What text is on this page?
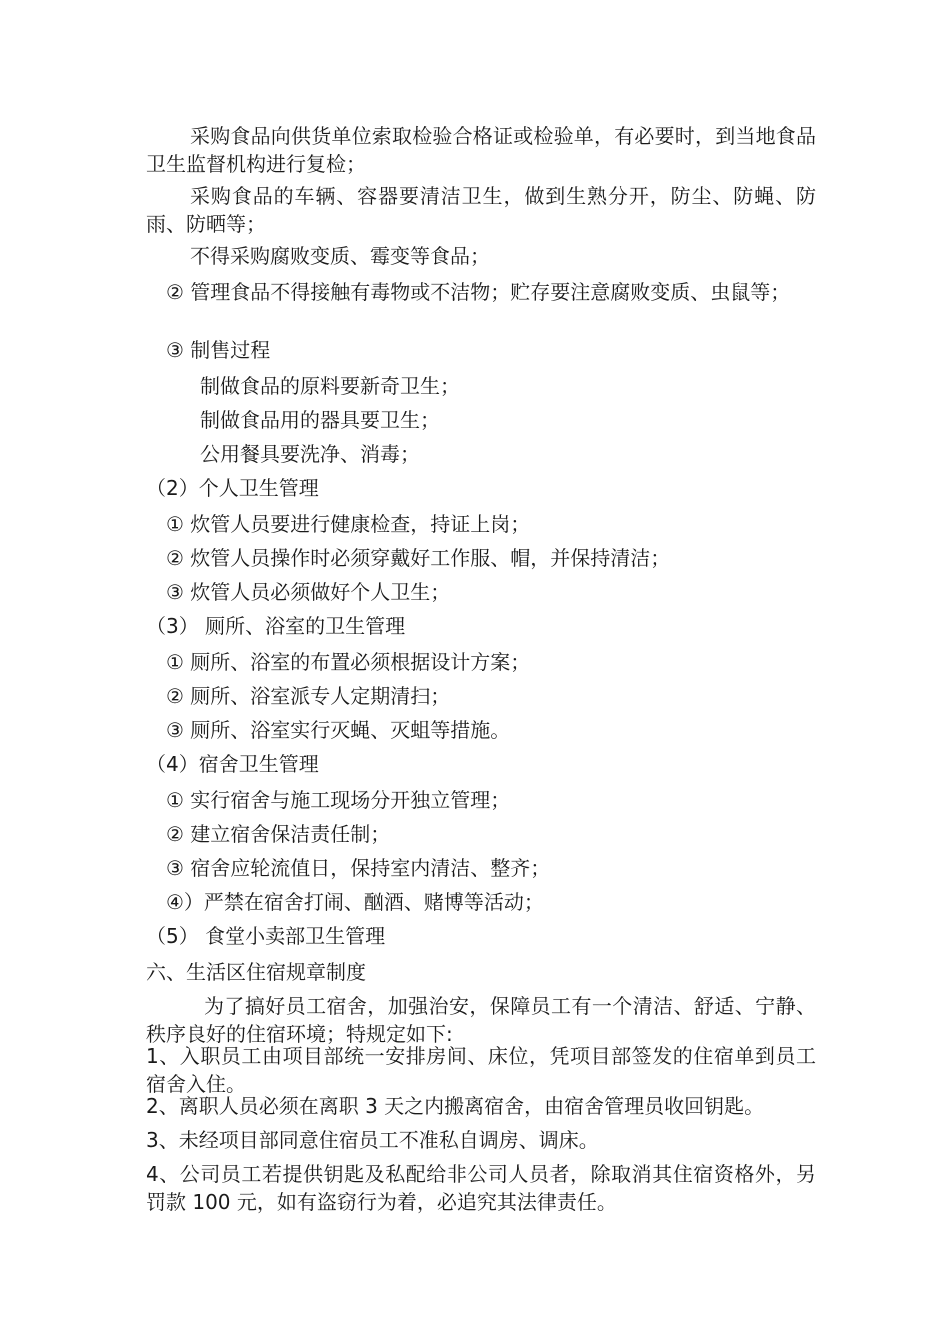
采购食品向供货单位索取检验合格证或检验单，有必要时，到当地食品卫生监督机构进行复检；

采购食品的车辆、容器要清洁卫生，做到生熟分开，防尘、防蝇、防雨、防晒等；

不得采购腐败变质、霉变等食品；

② 管理食品不得接触有毒物或不洁物；贮存要注意腐败变质、虫鼠等；

③ 制售过程

制做食品的原料要新奇卫生；

制做食品用的器具要卫生；

公用餐具要洗净、消毒；

（2）个人卫生管理

① 炊管人员要进行健康检查，持证上岗；

② 炊管人员操作时必须穿戴好工作服、帽，并保持清洁；

③ 炊管人员必须做好个人卫生；

（3） 厕所、浴室的卫生管理

① 厕所、浴室的布置必须根据设计方案；

② 厕所、浴室派专人定期清扫；

③ 厕所、浴室实行灭蝇、灭蛆等措施。

（4）宿舍卫生管理

① 实行宿舍与施工现场分开独立管理；

② 建立宿舍保洁责任制；

③ 宿舍应轮流值日，保持室内清洁、整齐；

④）严禁在宿舍打闹、酗酒、赌博等活动；

（5） 食堂小卖部卫生管理

六、生活区住宿规章制度

为了搞好员工宿舍，加强治安，保障员工有一个清洁、舒适、宁静、秩序良好的住宿环境；特规定如下:

1、入职员工由项目部统一安排房间、床位，凭项目部签发的住宿单到员工宿舍入住。

2、离职人员必须在离职 3 天之内搬离宿舍，由宿舍管理员收回钥匙。

3、未经项目部同意住宿员工不准私自调房、调床。

4、公司员工若提供钥匙及私配给非公司人员者，除取消其住宿资格外，另罚款 100 元，如有盗窃行为着，必追究其法律责任。
